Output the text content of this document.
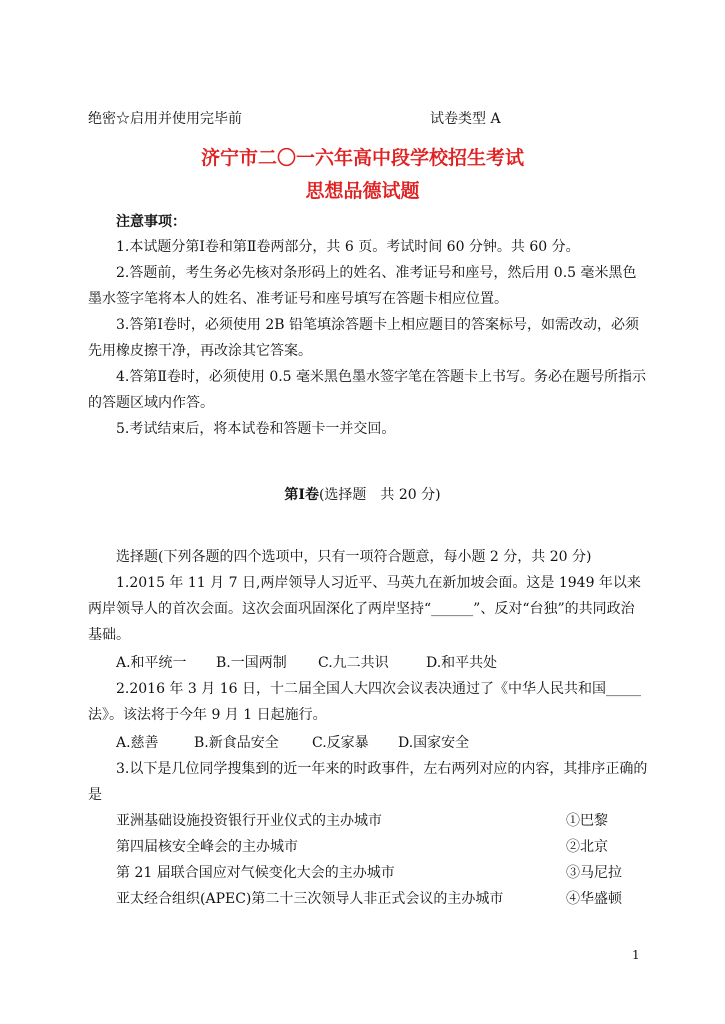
绝密☆启用并使用完毕前	试卷类型 A
济宁市二〇一六年高中段学校招生考试
思想品德试题
注意事项：
1.本试题分第Ⅰ卷和第Ⅱ卷两部分，共 6 页。考试时间 60 分钟。共 60 分。
2.答题前，考生务必先核对条形码上的姓名、准考证号和座号，然后用 0.5 毫米黑色墨水签字笔将本人的姓名、准考证号和座号填写在答题卡相应位置。
3.答第Ⅰ卷时，必须使用 2B 铅笔填涂答题卡上相应题目的答案标号，如需改动，必须先用橡皮擦干净，再改涂其它答案。
4.答第Ⅱ卷时，必须使用 0.5 毫米黑色墨水签字笔在答题卡上书写。务必在题号所指示的答题区域内作答。
5.考试结束后，将本试卷和答题卡一并交回。
第Ⅰ卷(选择题　共 20 分)
选择题(下列各题的四个选项中，只有一项符合题意，每小题 2 分，共 20 分)
1.2015 年 11 月 7 日,两岸领导人习近平、马英九在新加坡会面。这是 1949 年以来两岸领导人的首次会面。这次会面巩固深化了两岸坚持“______”、反对“台独”的共同政治基础。
A.和平统一 B.一国两制 C.九二共识	D.和平共处
2.2016 年 3 月 16 日，十二届全国人大四次会议表决通过了《中华人民共和国_____法》。该法将于今年 9 月 1 日起施行。
A.慈善	B.新食品安全 C.反家暴 D.国家安全
3.以下是几位同学搜集到的近一年来的时政事件，左右两列对应的内容，其排序正确的是
亚洲基础设施投资银行开业仪式的主办城市	①巴黎
第四届核安全峰会的主办城市	②北京
第 21 届联合国应对气候变化大会的主办城市	③马尼拉
亚太经合组织(APEC)第二十三次领导人非正式会议的主办城市	④华盛顿
1
